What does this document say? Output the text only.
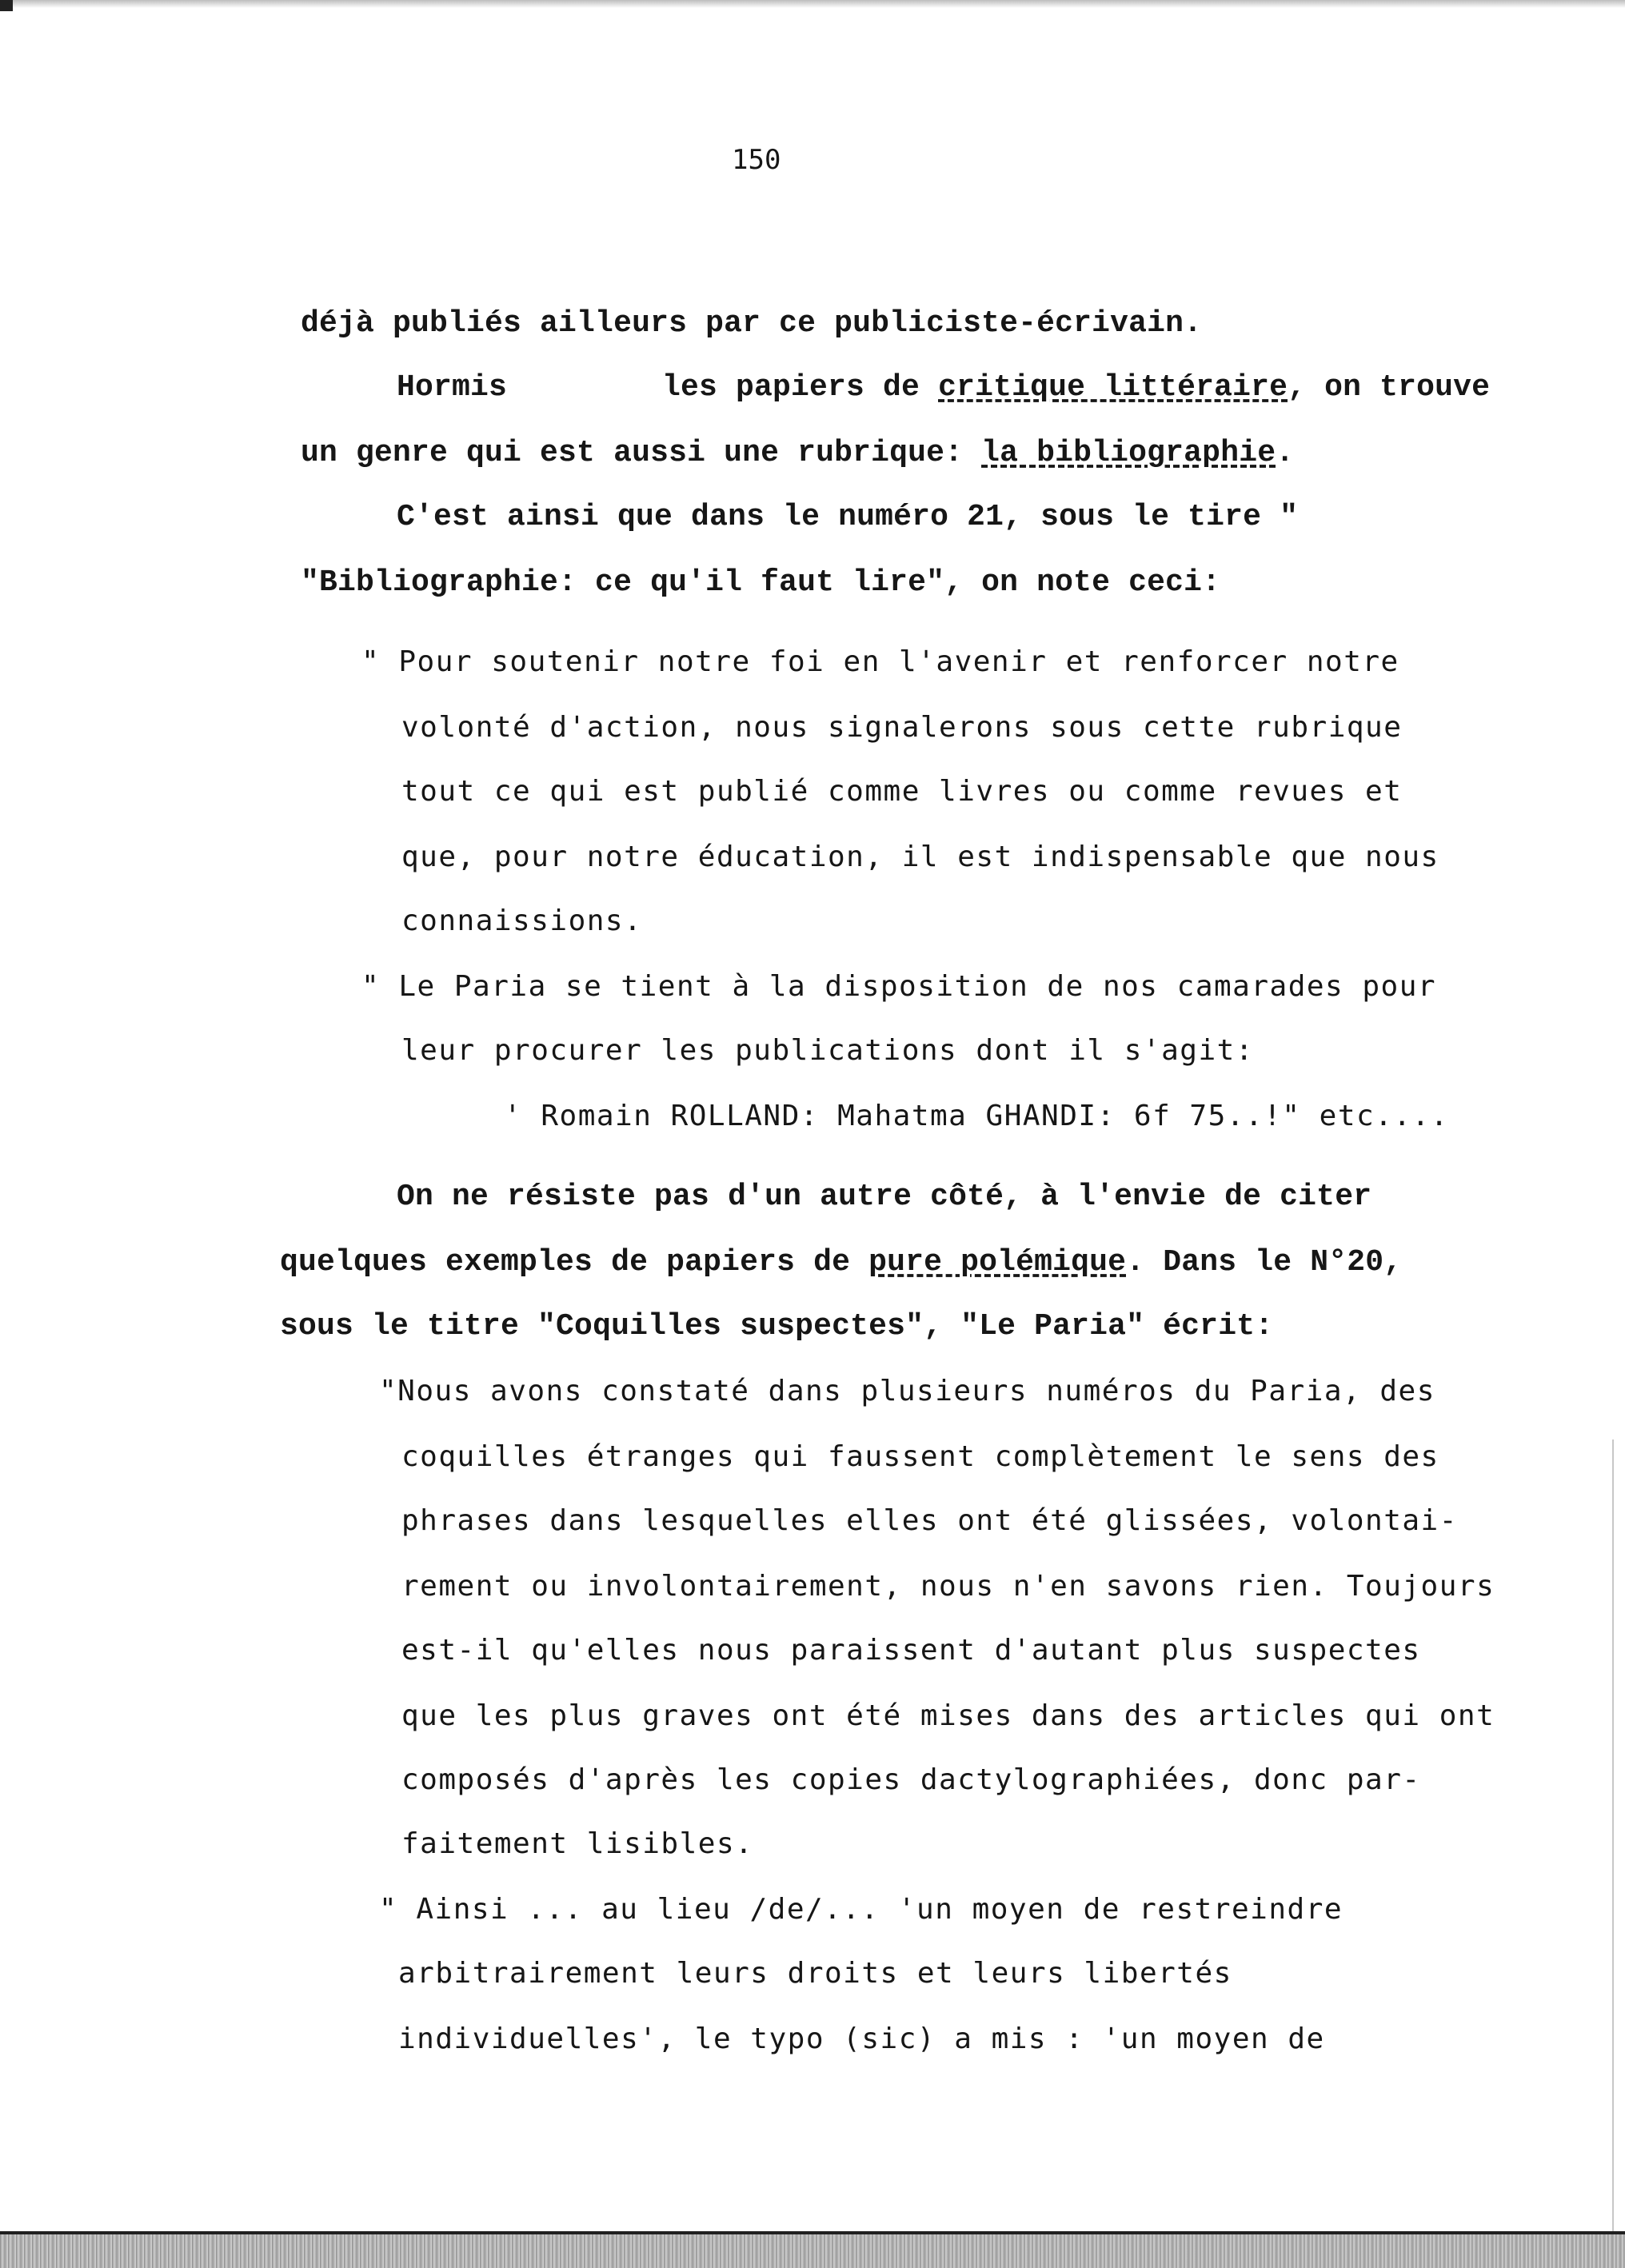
150

déjà publiés ailleurs par ce publiciste-écrivain.

Hormis	les papiers de critique littéraire, on trouve

un genre qui est aussi une rubrique: la bibliographie.

C'est ainsi que dans le numéro 21, sous le tire "

"Bibliographie: ce qu'il faut lire", on note ceci:

" Pour soutenir notre foi en l'avenir et renforcer notre

volonté d'action, nous signalerons sous cette rubrique

tout ce qui est publié comme livres ou comme revues et

que, pour notre éducation, il est indispensable que nous

connaissions.

" Le Paria se tient à la disposition de nos camarades pour

leur procurer les publications dont il s'agit:

' Romain ROLLAND: Mahatma GHANDI: 6f 75..!" etc....

On ne résiste pas d'un autre côté, à l'envie de citer

quelques exemples de papiers de pure polémique. Dans le N°20,

sous le titre "Coquilles suspectes", "Le Paria" écrit:

"Nous avons constaté dans plusieurs numéros du Paria, des

coquilles étranges qui faussent complètement le sens des

phrases dans lesquelles elles ont été glissées, volontai-

rement ou involontairement, nous n'en savons rien. Toujours

est-il qu'elles nous paraissent d'autant plus suspectes

que les plus graves ont été mises dans des articles qui ont

composés d'après les copies dactylographiées, donc par-

faitement lisibles.

" Ainsi ... au lieu /de/... 'un moyen de restreindre

arbitrairement leurs droits et leurs libertés

individuelles', le typo (sic) a mis : 'un moyen de
